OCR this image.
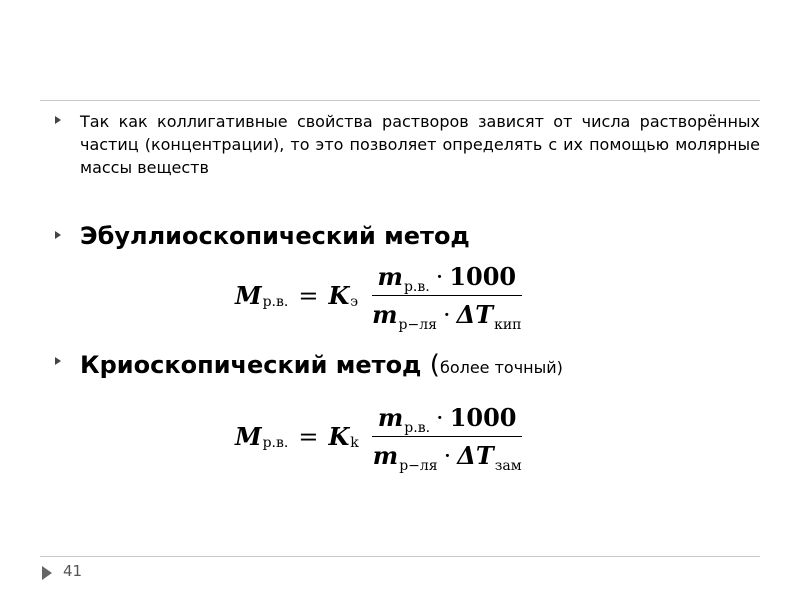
Так как коллигативные свойства растворов зависят от числа растворённых частиц (концентрации), то это позволяет определять с их помощью молярные массы веществ
Эбуллиоскопический метод
M р.в. = K э $\frac{m_{р.в.} \cdot 1000}{m_{р-ля} \cdot \Delta T_{кип}}$
Криоскопический метод (более точный)
M р.в. = K k $\frac{m_{р.в.} \cdot 1000}{m_{р-ля} \cdot \Delta T_{зам}}$
41
